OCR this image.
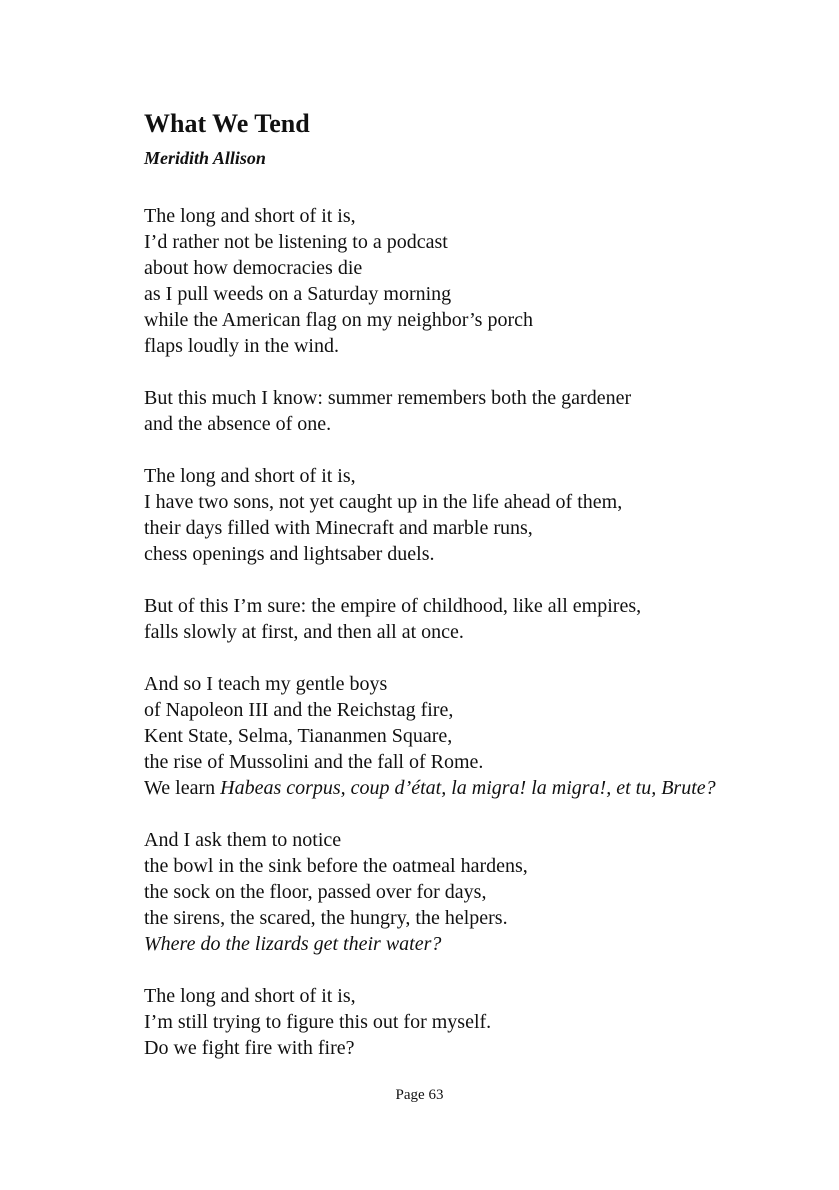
What We Tend

Meridith Allison

The long and short of it is,
I’d rather not be listening to a podcast
about how democracies die
as I pull weeds on a Saturday morning
while the American flag on my neighbor’s porch
flaps loudly in the wind.
But this much I know: summer remembers both the gardener
and the absence of one.
The long and short of it is,
I have two sons, not yet caught up in the life ahead of them,
their days filled with Minecraft and marble runs,
chess openings and lightsaber duels.
But of this I’m sure: the empire of childhood, like all empires,
falls slowly at first, and then all at once.
And so I teach my gentle boys
of Napoleon III and the Reichstag fire,
Kent State, Selma, Tiananmen Square,
the rise of Mussolini and the fall of Rome.
We learn Habeas corpus, coup d’état, la migra! la migra!, et tu, Brute?
And I ask them to notice
the bowl in the sink before the oatmeal hardens,
the sock on the floor, passed over for days,
the sirens, the scared, the hungry, the helpers.
Where do the lizards get their water?
The long and short of it is,
I’m still trying to figure this out for myself.
Do we fight fire with fire?
Page 63
